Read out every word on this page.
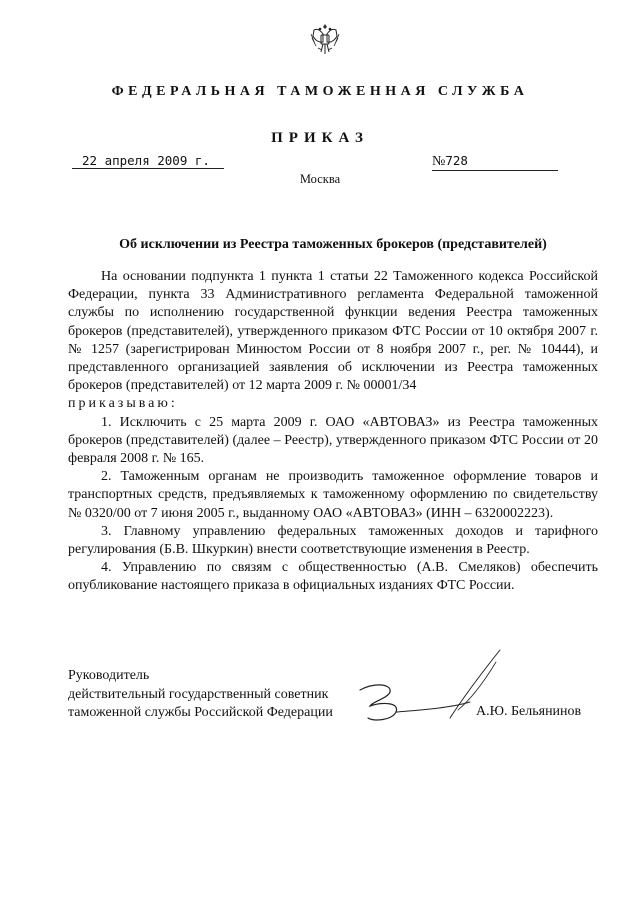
ФЕДЕРАЛЬНАЯ ТАМОЖЕННАЯ СЛУЖБА
ПРИКАЗ
22 апреля 2009 г.	№728
Москва
Об исключении из Реестра таможенных брокеров (представителей)

На основании подпункта 1 пункта 1 статьи 22 Таможенного кодекса Российской Федерации, пункта 33 Административного регламента Федеральной таможенной службы по исполнению государственной функции ведения Реестра таможенных брокеров (представителей), утвержденного приказом ФТС России от 10 октября 2007 г. № 1257 (зарегистрирован Минюстом России от 8 ноября 2007 г., рег. № 10444), и представленного организацией заявления об исключении из Реестра таможенных брокеров (представителей) от 12 марта 2009 г. № 00001/34

приказываю:

1. Исключить с 25 марта 2009 г. ОАО «АВТОВАЗ» из Реестра таможенных брокеров (представителей) (далее – Реестр), утвержденного приказом ФТС России от 20 февраля 2008 г. № 165.

2. Таможенным органам не производить таможенное оформление товаров и транспортных средств, предъявляемых к таможенному оформлению по свидетельству № 0320/00 от 7 июня 2005 г., выданному ОАО «АВТОВАЗ» (ИНН – 6320002223).

3. Главному управлению федеральных таможенных доходов и тарифного регулирования (Б.В. Шкуркин) внести соответствующие изменения в Реестр.

4. Управлению по связям с общественностью (А.В. Смеляков) обеспечить опубликование настоящего приказа в официальных изданиях ФТС России.

Руководитель
действительный государственный советник
таможенной службы Российской Федерации	А.Ю. Бельянинов
